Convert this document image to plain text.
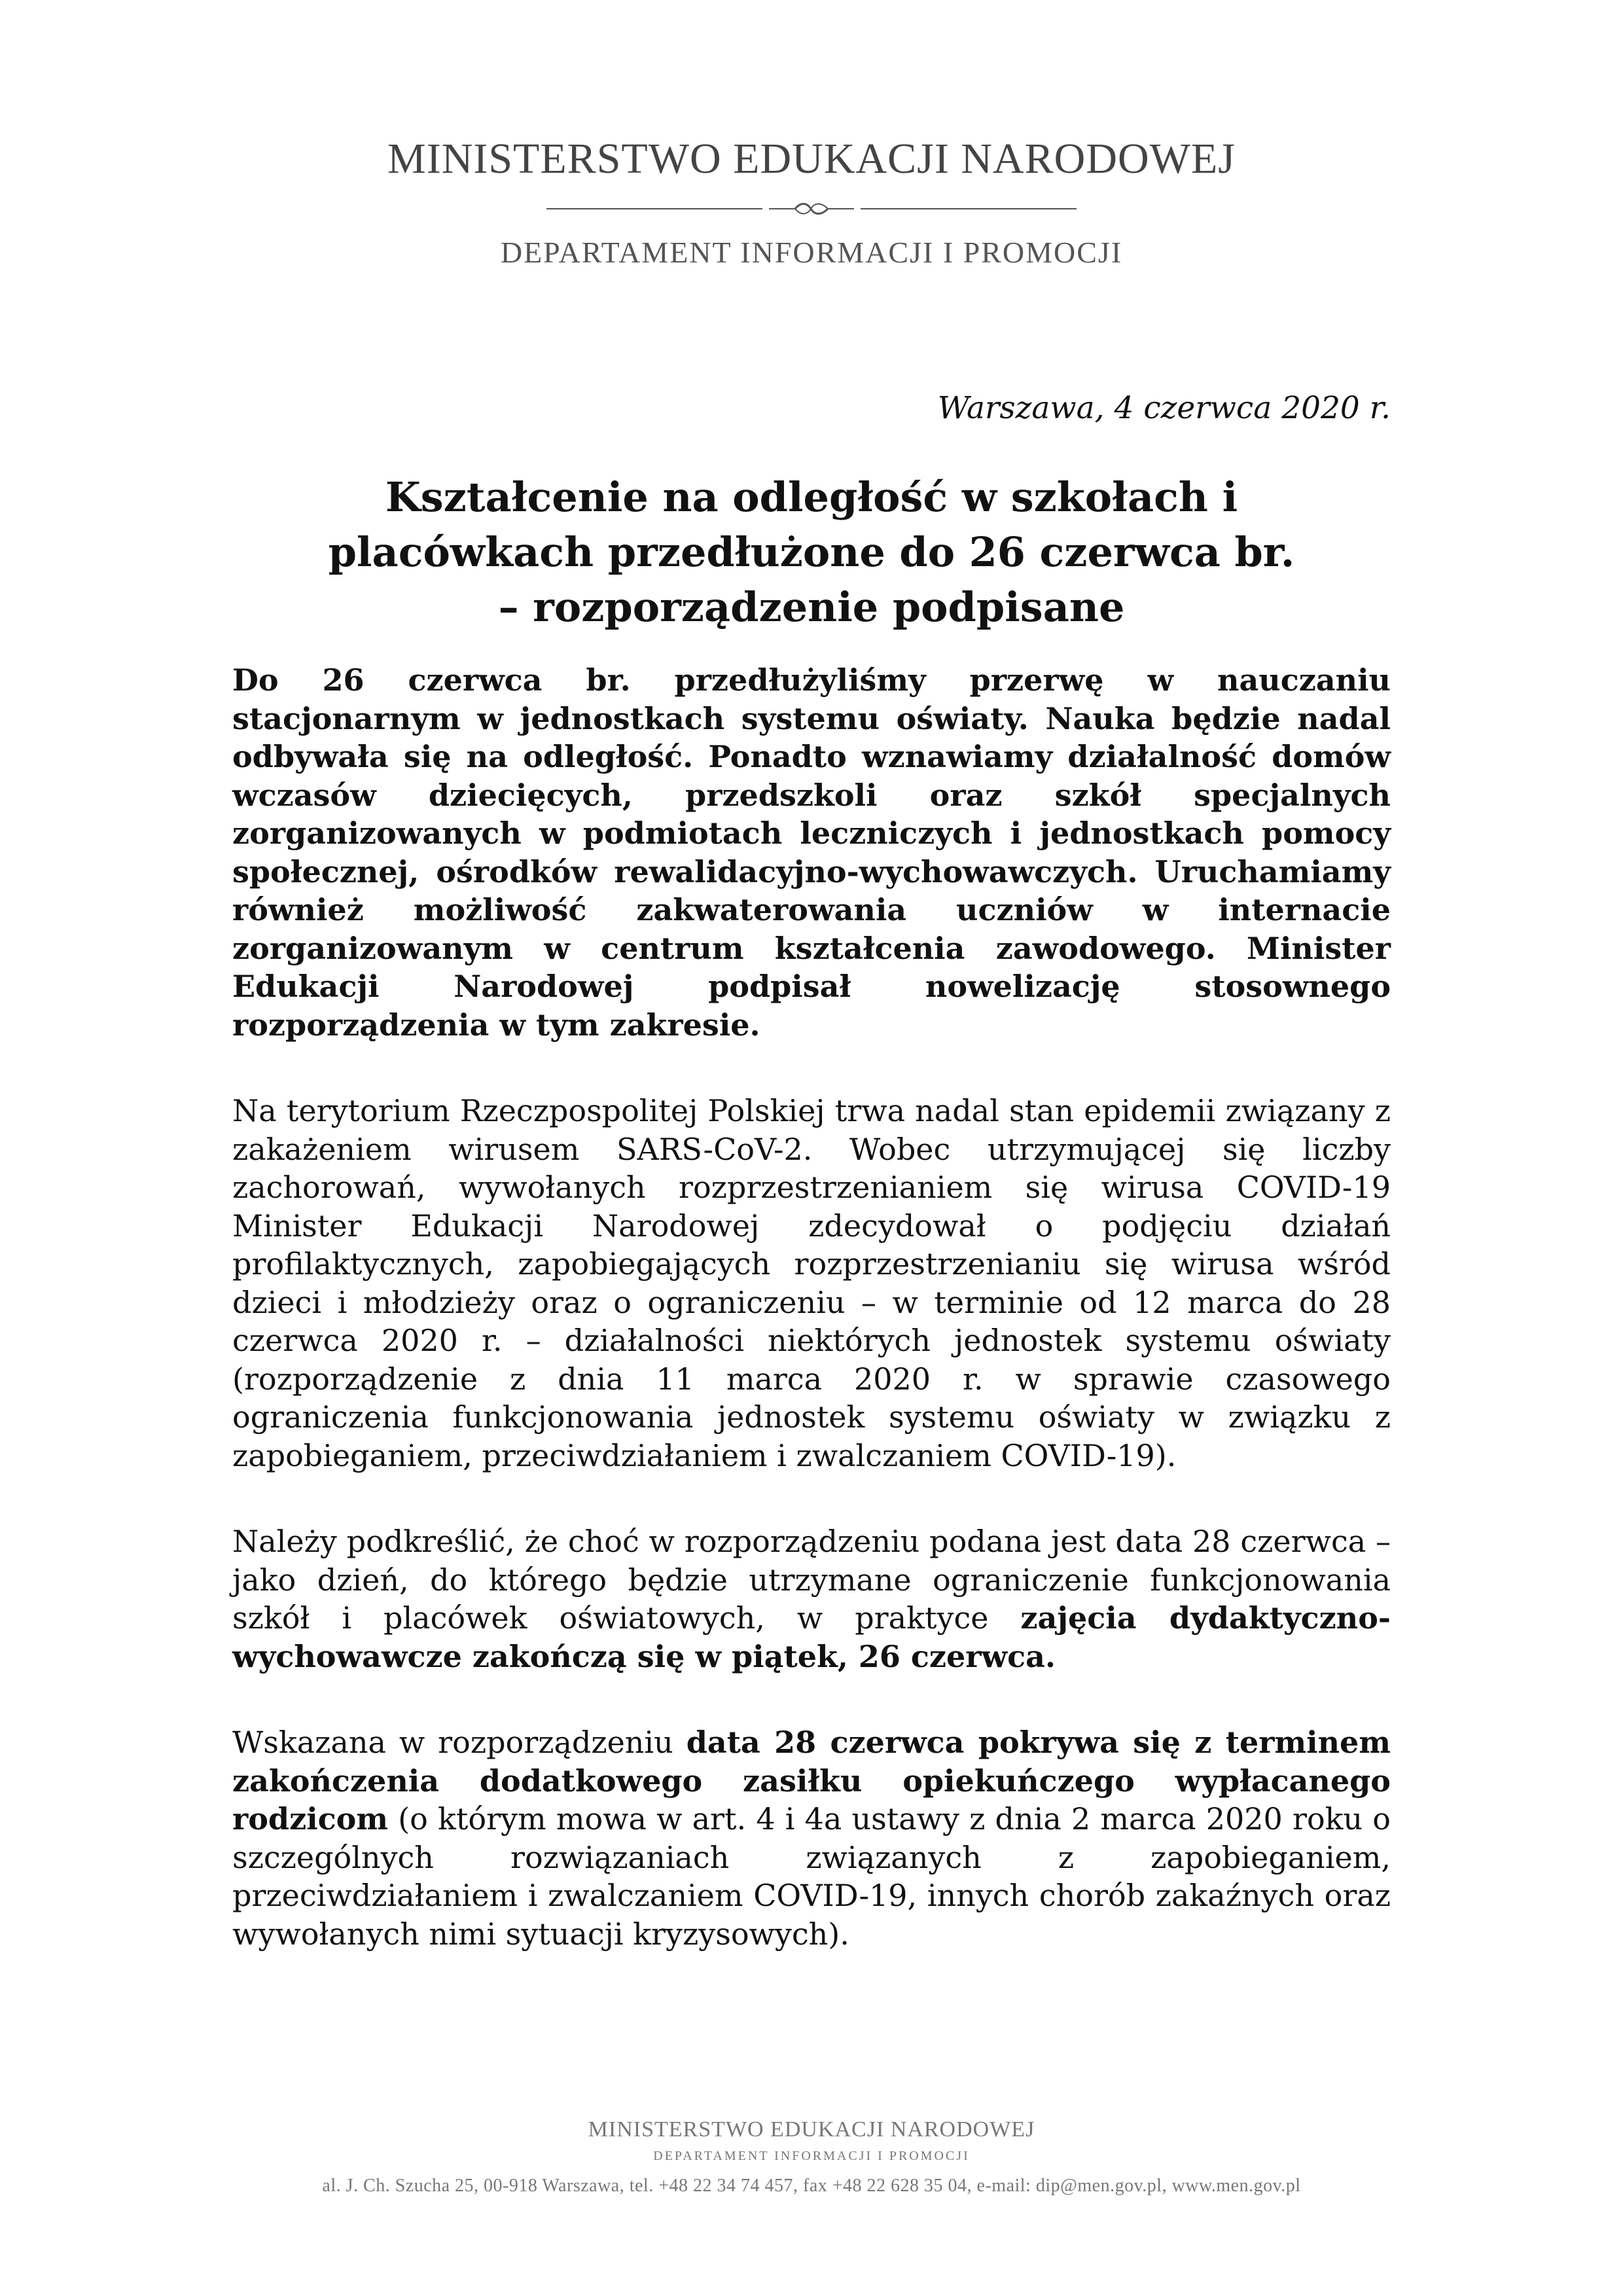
MINISTERSTWO EDUKACJI NARODOWEJ
DEPARTAMENT INFORMACJI I PROMOCJI
Warszawa, 4 czerwca 2020 r.
Kształcenie na odległość w szkołach i
placówkach przedłużone do 26 czerwca br.
– rozporządzenie podpisane

Do 26 czerwca br. przedłużyliśmy przerwę w nauczaniu stacjonarnym w jednostkach systemu oświaty. Nauka będzie nadal odbywała się na odległość. Ponadto wznawiamy działalność domów wczasów dziecięcych, przedszkoli oraz szkół specjalnych zorganizowanych w podmiotach leczniczych i jednostkach pomocy społecznej, ośrodków rewalidacyjno-wychowawczych. Uruchamiamy również możliwość zakwaterowania uczniów w internacie zorganizowanym w centrum kształcenia zawodowego. Minister Edukacji Narodowej podpisał nowelizację stosownego rozporządzenia w tym zakresie.

Na terytorium Rzeczpospolitej Polskiej trwa nadal stan epidemii związany z zakażeniem wirusem SARS-CoV-2. Wobec utrzymującej się liczby zachorowań, wywołanych rozprzestrzenianiem się wirusa COVID-19 Minister Edukacji Narodowej zdecydował o podjęciu działań profilaktycznych, zapobiegających rozprzestrzenianiu się wirusa wśród dzieci i młodzieży oraz o ograniczeniu – w terminie od 12 marca do 28 czerwca 2020 r. – działalności niektórych jednostek systemu oświaty (rozporządzenie z dnia 11 marca 2020 r. w sprawie czasowego ograniczenia funkcjonowania jednostek systemu oświaty w związku z zapobieganiem, przeciwdziałaniem i zwalczaniem COVID-19).

Należy podkreślić, że choć w rozporządzeniu podana jest data 28 czerwca – jako dzień, do którego będzie utrzymane ograniczenie funkcjonowania szkół i placówek oświatowych, w praktyce zajęcia dydaktyczno-wychowawcze zakończą się w piątek, 26 czerwca.

Wskazana w rozporządzeniu data 28 czerwca pokrywa się z terminem zakończenia dodatkowego zasiłku opiekuńczego wypłacanego rodzicom (o którym mowa w art. 4 i 4a ustawy z dnia 2 marca 2020 roku o szczególnych rozwiązaniach związanych z zapobieganiem, przeciwdziałaniem i zwalczaniem COVID-19, innych chorób zakaźnych oraz wywołanych nimi sytuacji kryzysowych).

MINISTERSTWO EDUKACJI NARODOWEJ
DEPARTAMENT INFORMACJI I PROMOCJI
al. J. Ch. Szucha 25, 00-918 Warszawa, tel. +48 22 34 74 457, fax +48 22 628 35 04, e-mail: dip@men.gov.pl, www.men.gov.pl
